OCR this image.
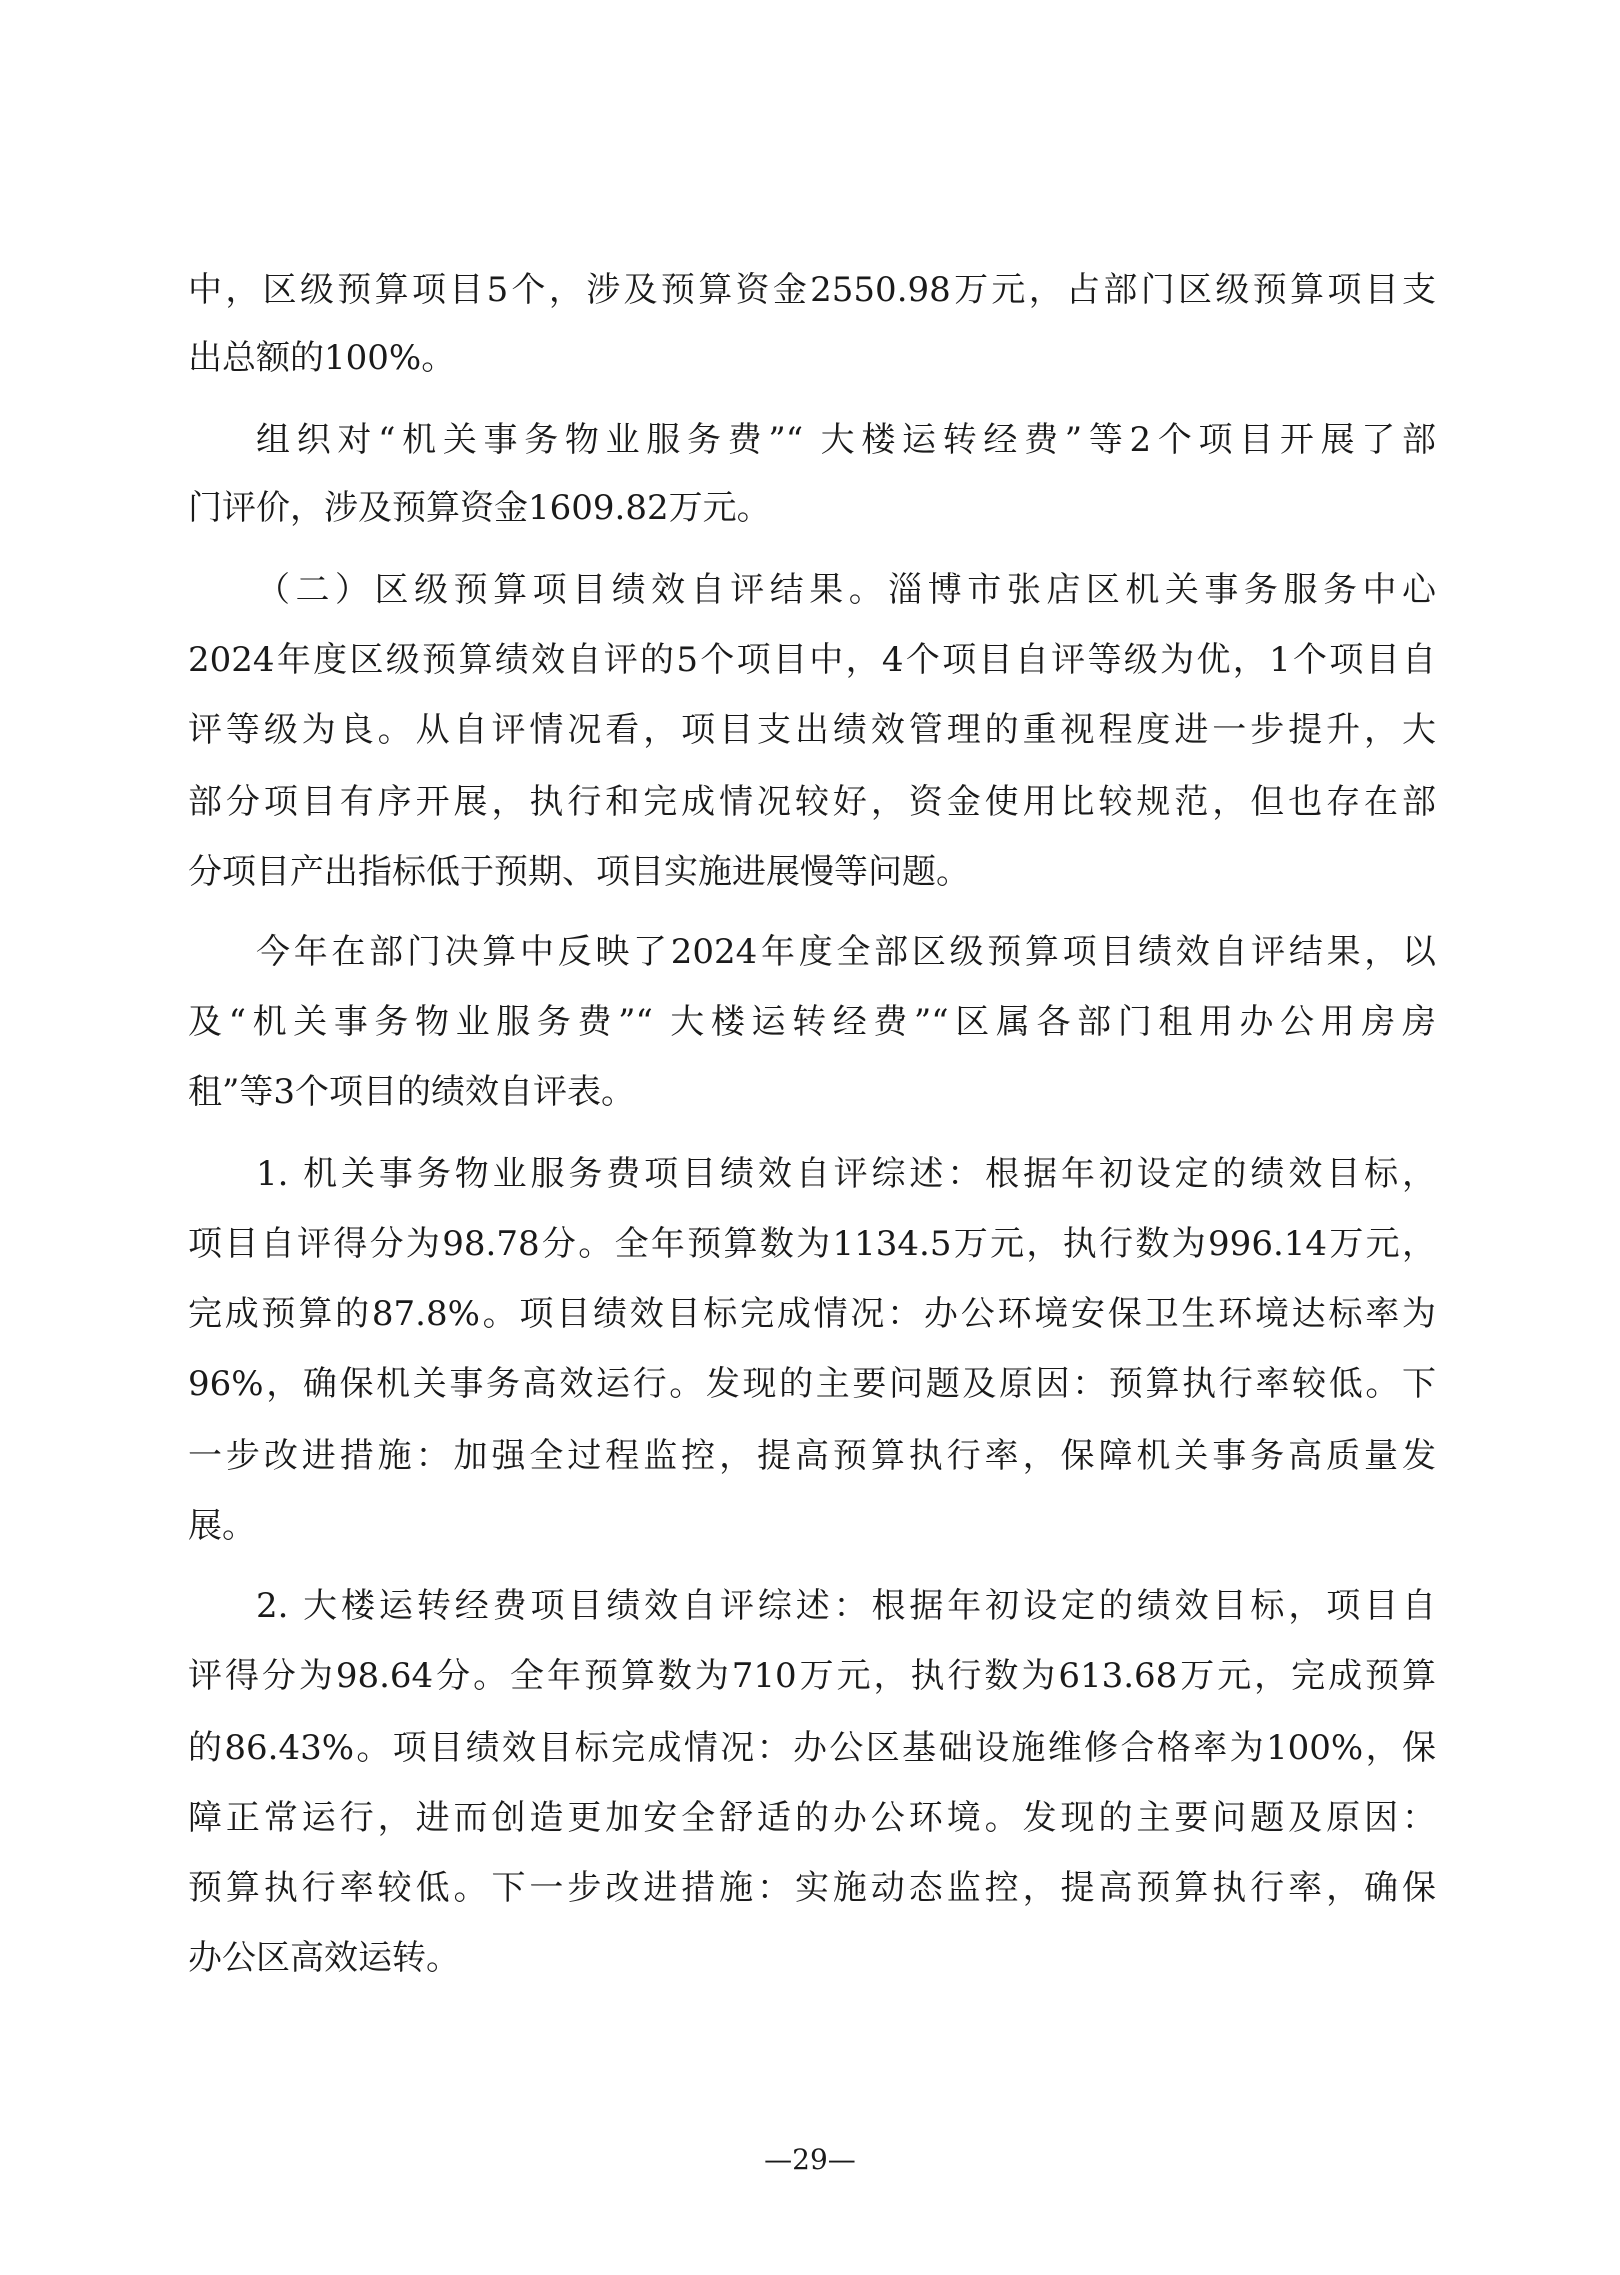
中，区级预算项目5个，涉及预算资金2550.98万元，占部门区级预算项目支
出总额的100%。
组织对“机关事务物业服务费”“ 大楼运转经费”等2个项目开展了部
门评价，涉及预算资金1609.82万元。
（二）区级预算项目绩效自评结果。淄博市张店区机关事务服务中心
2024年度区级预算绩效自评的5个项目中，4个项目自评等级为优，1个项目自
评等级为良。从自评情况看，项目支出绩效管理的重视程度进一步提升，大
部分项目有序开展，执行和完成情况较好，资金使用比较规范，但也存在部
分项目产出指标低于预期、项目实施进展慢等问题。
今年在部门决算中反映了2024年度全部区级预算项目绩效自评结果，以
及“机关事务物业服务费”“ 大楼运转经费”“区属各部门租用办公用房房
租”等3个项目的绩效自评表。
1. 机关事务物业服务费项目绩效自评综述：根据年初设定的绩效目标，
项目自评得分为98.78分。全年预算数为1134.5万元，执行数为996.14万元，
完成预算的87.8%。项目绩效目标完成情况：办公环境安保卫生环境达标率为
96%，确保机关事务高效运行。发现的主要问题及原因：预算执行率较低。下
一步改进措施：加强全过程监控，提高预算执行率，保障机关事务高质量发
展。
2. 大楼运转经费项目绩效自评综述：根据年初设定的绩效目标，项目自
评得分为98.64分。全年预算数为710万元，执行数为613.68万元，完成预算
的86.43%。项目绩效目标完成情况：办公区基础设施维修合格率为100%，保
障正常运行，进而创造更加安全舒适的办公环境。发现的主要问题及原因：
预算执行率较低。下一步改进措施：实施动态监控，提高预算执行率，确保
办公区高效运转。
—29—
